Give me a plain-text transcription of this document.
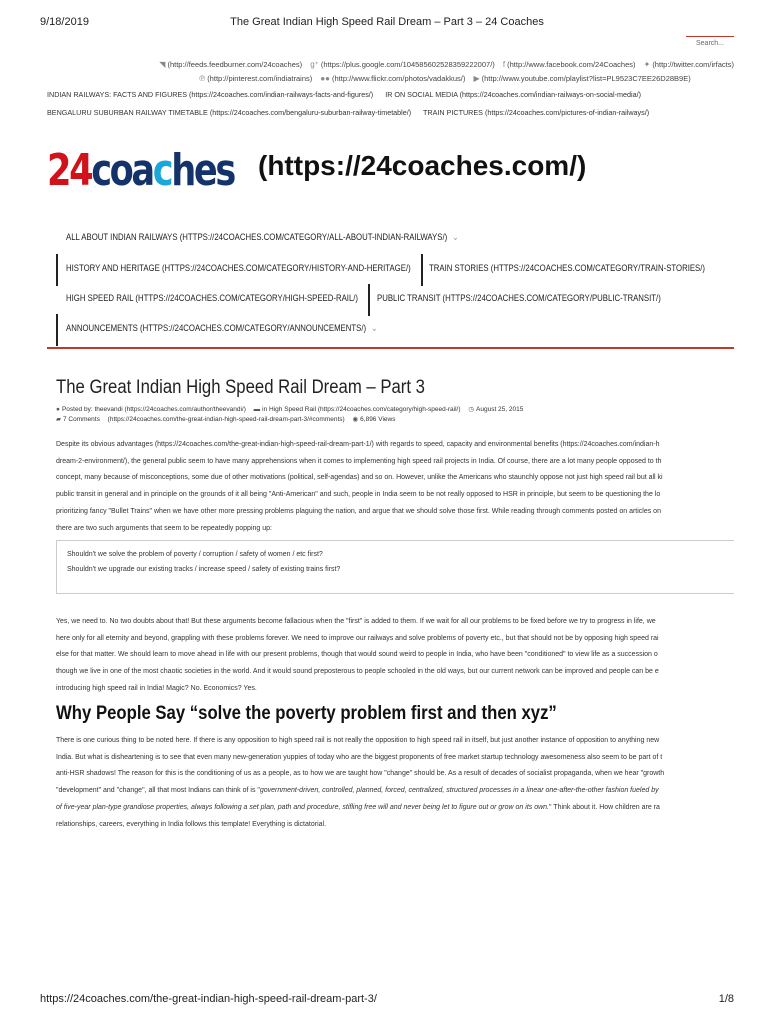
9/18/2019	The Great Indian High Speed Rail Dream – Part 3 – 24 Coaches
Search...
◥ (http://feeds.feedburner.com/24coaches) g⁺ (https://plus.google.com/104585602528359222007/) f (http://www.facebook.com/24Coaches) ✦ (http://twitter.com/irfacts)
℗ (http://pinterest.com/indiatrains) ●● (http://www.flickr.com/photos/vadakkus/) ▶ (http://www.youtube.com/playlist?list=PL9523C7EE26D28B9E)
INDIAN RAILWAYS: FACTS AND FIGURES (https://24coaches.com/indian-railways-facts-and-figures/) IR ON SOCIAL MEDIA (https://24coaches.com/indian-railways-on-social-media/)
BENGALURU SUBURBAN RAILWAY TIMETABLE (https://24coaches.com/bengaluru-suburban-railway-timetable/) TRAIN PICTURES (https://24coaches.com/pictures-of-indian-railways/)
24coaches (https://24coaches.com/)
ALL ABOUT INDIAN RAILWAYS (HTTPS://24COACHES.COM/CATEGORY/ALL-ABOUT-INDIAN-RAILWAYS/) ⌄
HISTORY AND HERITAGE (HTTPS://24COACHES.COM/CATEGORY/HISTORY-AND-HERITAGE/) TRAIN STORIES (HTTPS://24COACHES.COM/CATEGORY/TRAIN-STORIES/)
HIGH SPEED RAIL (HTTPS://24COACHES.COM/CATEGORY/HIGH-SPEED-RAIL/) PUBLIC TRANSIT (HTTPS://24COACHES.COM/CATEGORY/PUBLIC-TRANSIT/)
ANNOUNCEMENTS (HTTPS://24COACHES.COM/CATEGORY/ANNOUNCEMENTS/) ⌄
The Great Indian High Speed Rail Dream – Part 3
● Posted by: theevandi (https://24coaches.com/author/theevandi/) ▬ in High Speed Rail (https://24coaches.com/category/high-speed-rail/) ◷ August 25, 2015
▰ 7 Comments (https://24coaches.com/the-great-indian-high-speed-rail-dream-part-3/#comments) ◉ 6,896 Views
Despite its obvious advantages (https://24coaches.com/the-great-indian-high-speed-rail-dream-part-1/) with regards to speed, capacity and environmental benefits (https://24coaches.com/indian-h
dream-2-environment/), the general public seem to have many apprehensions when it comes to implementing high speed rail projects in India. Of course, there are a lot many people opposed to th
concept, many because of misconceptions, some due of other motivations (political, self-agendas) and so on. However, unlike the Americans who staunchly oppose not just high speed rail but all ki
public transit in general and in principle on the grounds of it all being "Anti-American" and such, people in India seem to be not really opposed to HSR in principle, but seem to be questioning the lo
prioritizing fancy "Bullet Trains" when we have other more pressing problems plaguing the nation, and argue that we should solve those first. While reading through comments posted on articles on
there are two such arguments that seem to be repeatedly popping up:
Shouldn't we solve the problem of poverty / corruption / safety of women / etc first?
Shouldn't we upgrade our existing tracks / increase speed / safety of existing trains first?
Yes, we need to. No two doubts about that! But these arguments become fallacious when the "first" is added to them. If we wait for all our problems to be fixed before we try to progress in life, we
here only for all eternity and beyond, grappling with these problems forever. We need to improve our railways and solve problems of poverty etc., but that should not be by opposing high speed rai
else for that matter. We should learn to move ahead in life with our present problems, though that would sound weird to people in India, who have been "conditioned" to view life as a succession o
though we live in one of the most chaotic societies in the world. And it would sound preposterous to people schooled in the old ways, but our current network can be improved and people can be e
introducing high speed rail in India! Magic? No. Economics? Yes.
Why People Say “solve the poverty problem first and then xyz”
There is one curious thing to be noted here. If there is any opposition to high speed rail is not really the opposition to high speed rail in itself, but just another instance of opposition to anything new
India. But what is disheartening is to see that even many new-generation yuppies of today who are the biggest proponents of free market startup technology awesomeness also seem to be part of t
anti-HSR shadows! The reason for this is the conditioning of us as a people, as to how we are taught how "change" should be. As a result of decades of socialist propaganda, when we hear "growth
"development" and "change", all that most Indians can think of is "government-driven, controlled, planned, forced, centralized, structured processes in a linear one-after-the-other fashion fueled by
of five-year plan-type grandiose properties, always following a set plan, path and procedure, stifling free will and never being let to figure out or grow on its own." Think about it. How children are ra
relationships, careers, everything in India follows this template! Everything is dictatorial.
https://24coaches.com/the-great-indian-high-speed-rail-dream-part-3/	1/8
